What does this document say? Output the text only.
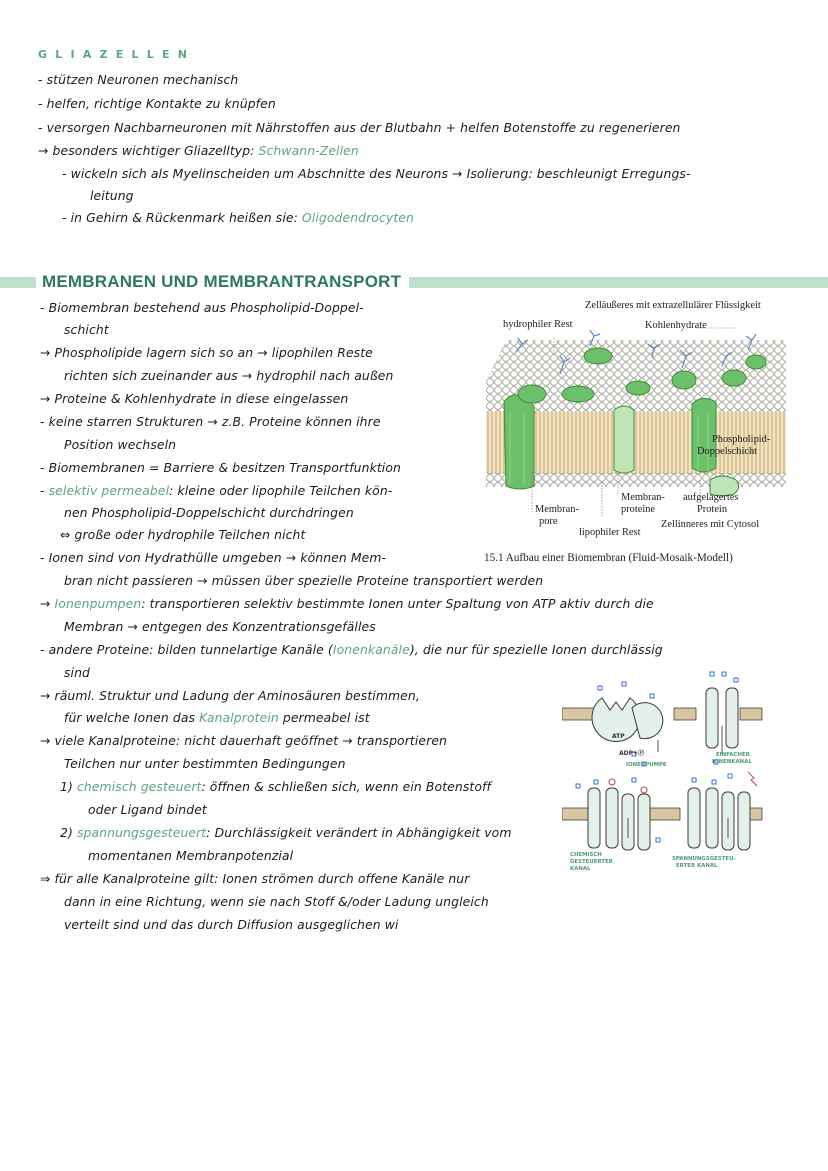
G L I A Z E L L E N
- stützen Neuronen mechanisch
- helfen, richtige Kontakte zu knüpfen
- versorgen Nachbarneuronen mit Nährstoffen aus der Blutbahn + helfen Botenstoffe zu regenerieren
→ besonders wichtiger Gliazelltyp: Schwann-Zellen
- wickeln sich als Myelinscheiden um Abschnitte des Neurons → Isolierung: beschleunigt Erregungs-
leitung
- in Gehirn & Rückenmark heißen sie: Oligodendrocyten
MEMBRANEN UND MEMBRANTRANSPORT
- Biomembran bestehend aus Phospholipid-Doppel-
schicht
→ Phospholipide lagern sich so an → lipophilen Reste
richten sich zueinander aus → hydrophil nach außen
→ Proteine & Kohlenhydrate in diese eingelassen
- keine starren Strukturen → z.B. Proteine können ihre
Position wechseln
- Biomembranen = Barriere & besitzen Transportfunktion
- selektiv permeabel: kleine oder lipophile Teilchen kön-
nen Phospholipid-Doppelschicht durchdringen
⇔ große oder hydrophile Teilchen nicht
- Ionen sind von Hydrathülle umgeben → können Mem-
bran nicht passieren → müssen über spezielle Proteine transportiert werden
→ Ionenpumpen: transportieren selektiv bestimmte Ionen unter Spaltung von ATP aktiv durch die
Membran → entgegen des Konzentrationsgefälles
- andere Proteine: bilden tunnelartige Kanäle (Ionenkanäle), die nur für spezielle Ionen durchlässig
sind
→ räuml. Struktur und Ladung der Aminosäuren bestimmen,
für welche Ionen das Kanalprotein permeabel ist
→ viele Kanalproteine: nicht dauerhaft geöffnet → transportieren
Teilchen nur unter bestimmten Bedingungen
1) chemisch gesteuert: öffnen & schließen sich, wenn ein Botenstoff
oder Ligand bindet
2) spannungsgesteuert: Durchlässigkeit verändert in Abhängigkeit vom
momentanen Membranpotenzial
⇒ für alle Kanalproteine gilt: Ionen strömen durch offene Kanäle nur
dann in eine Richtung, wenn sie nach Stoff &/oder Ladung ungleich
verteilt sind und das durch Diffusion ausgeglichen wi
Zelläußeres mit extrazellulärer Flüssigkeit
hydrophiler Rest	Kohlenhydrate
Phospholipid-
Doppelschicht
Membran-
pore
Membran-
proteine
aufgelagertes
Protein
lipophiler Rest
Zellinneres mit Cytosol
15.1 Aufbau einer Biomembran (Fluid-Mosaik-Modell)
ATP
ADP+Ⓟ
IONENPUMPE
EINFACHER
IONENKANAL
CHEMISCH
GESTEUERTER
KANAL
SPANNUNGSGESTEU-
ERTER KANAL
